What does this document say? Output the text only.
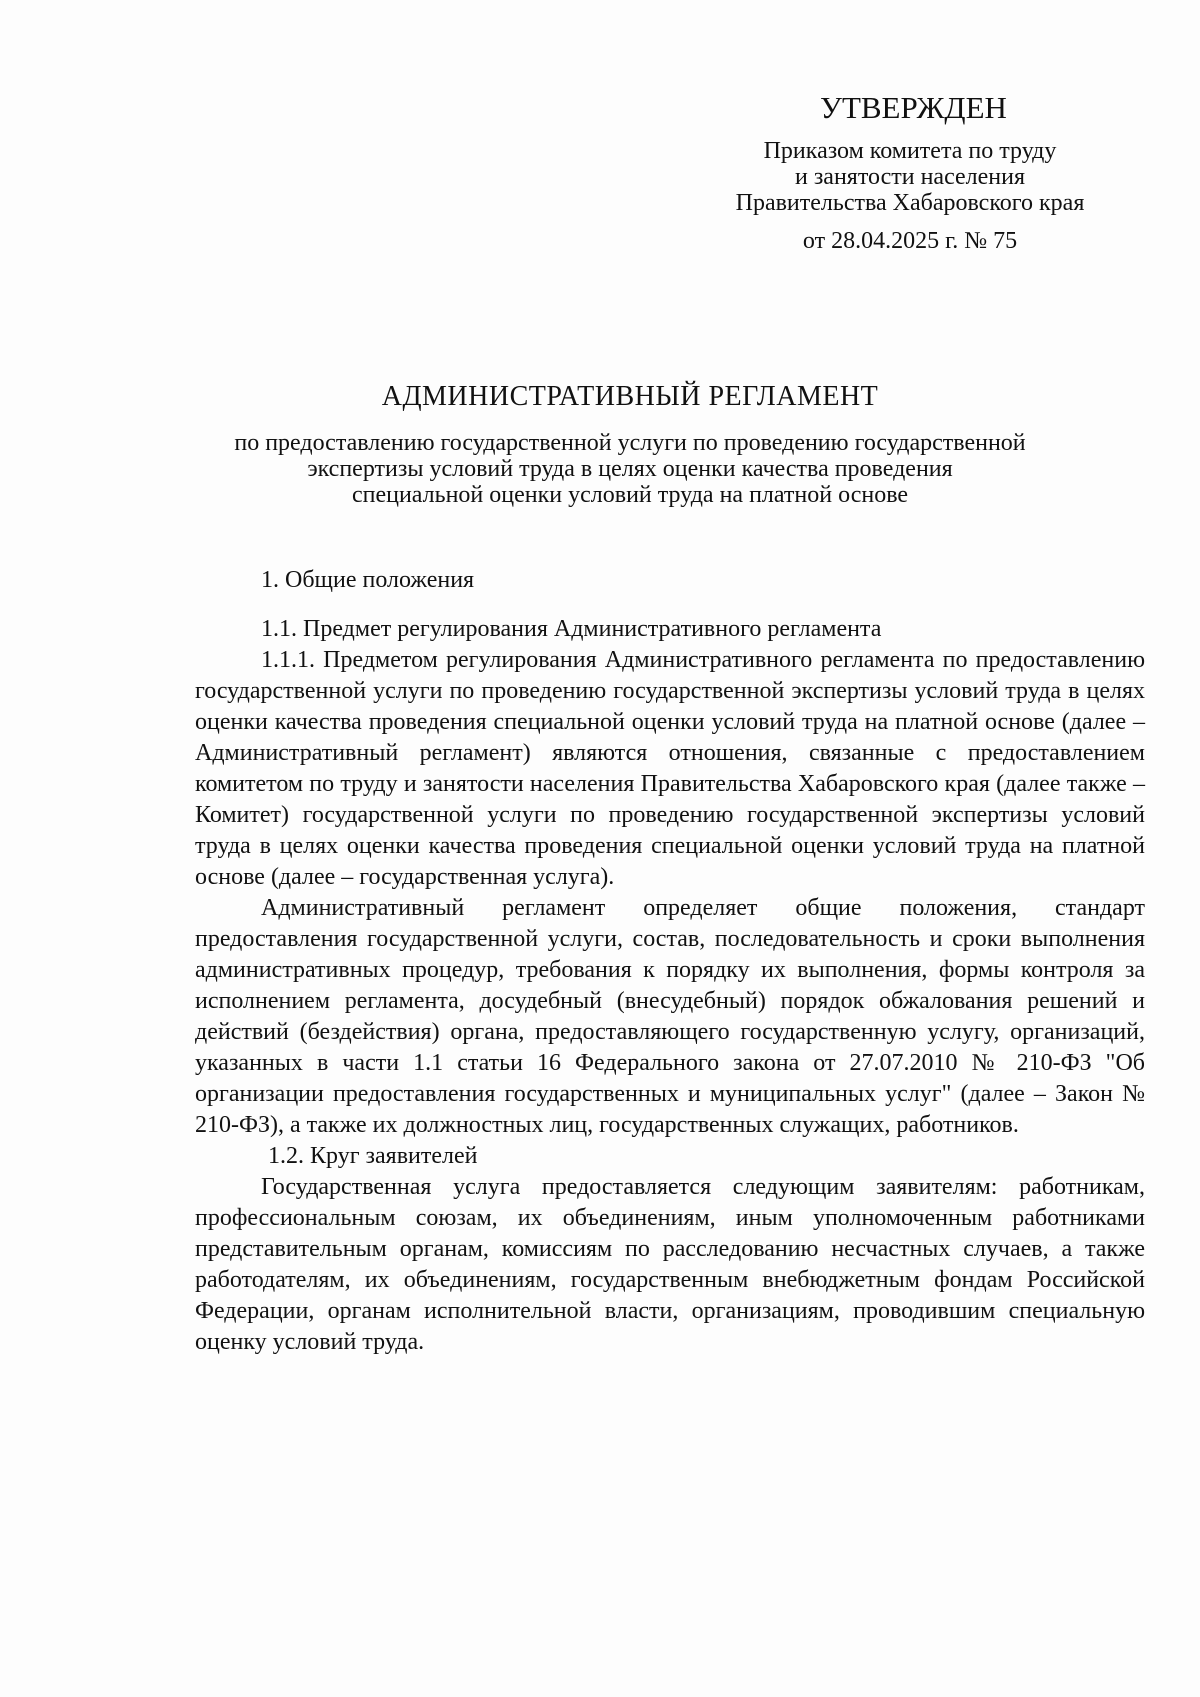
УТВЕРЖДЕН
Приказом комитета по труду
и занятости населения
Правительства Хабаровского края
от 28.04.2025 г. № 75
АДМИНИСТРАТИВНЫЙ РЕГЛАМЕНТ
по предоставлению государственной услуги по проведению государственной
экспертизы условий труда в целях оценки качества проведения
специальной оценки условий труда на платной основе

1. Общие положения

1.1. Предмет регулирования Административного регламента

1.1.1. Предметом регулирования Административного регламента по предоставлению государственной услуги по проведению государственной экспертизы условий труда в целях оценки качества проведения специальной оценки условий труда на платной основе (далее – Административный регламент) являются отношения, связанные с предоставлением комитетом по труду и занятости населения Правительства Хабаровского края (далее также – Комитет) государственной услуги по проведению государственной экспертизы условий труда в целях оценки качества проведения специальной оценки условий труда на платной основе (далее – государственная услуга).

Административный регламент определяет общие положения, стандарт предоставления государственной услуги, состав, последовательность и сроки выполнения административных процедур, требования к порядку их выполнения, формы контроля за исполнением регламента, досудебный (внесудебный) порядок обжалования решений и действий (бездействия) органа, предоставляющего государственную услугу, организаций, указанных в части 1.1 статьи 16 Федерального закона от 27.07.2010 № 210-ФЗ "Об организации предоставления государственных и муниципальных услуг" (далее – Закон № 210-ФЗ), а также их должностных лиц, государственных служащих, работников.

1.2. Круг заявителей

Государственная услуга предоставляется следующим заявителям: работникам, профессиональным союзам, их объединениям, иным уполномоченным работниками представительным органам, комиссиям по расследованию несчастных случаев, а также работодателям, их объединениям, государственным внебюджетным фондам Российской Федерации, органам исполнительной власти, организациям, проводившим специальную оценку условий труда.
